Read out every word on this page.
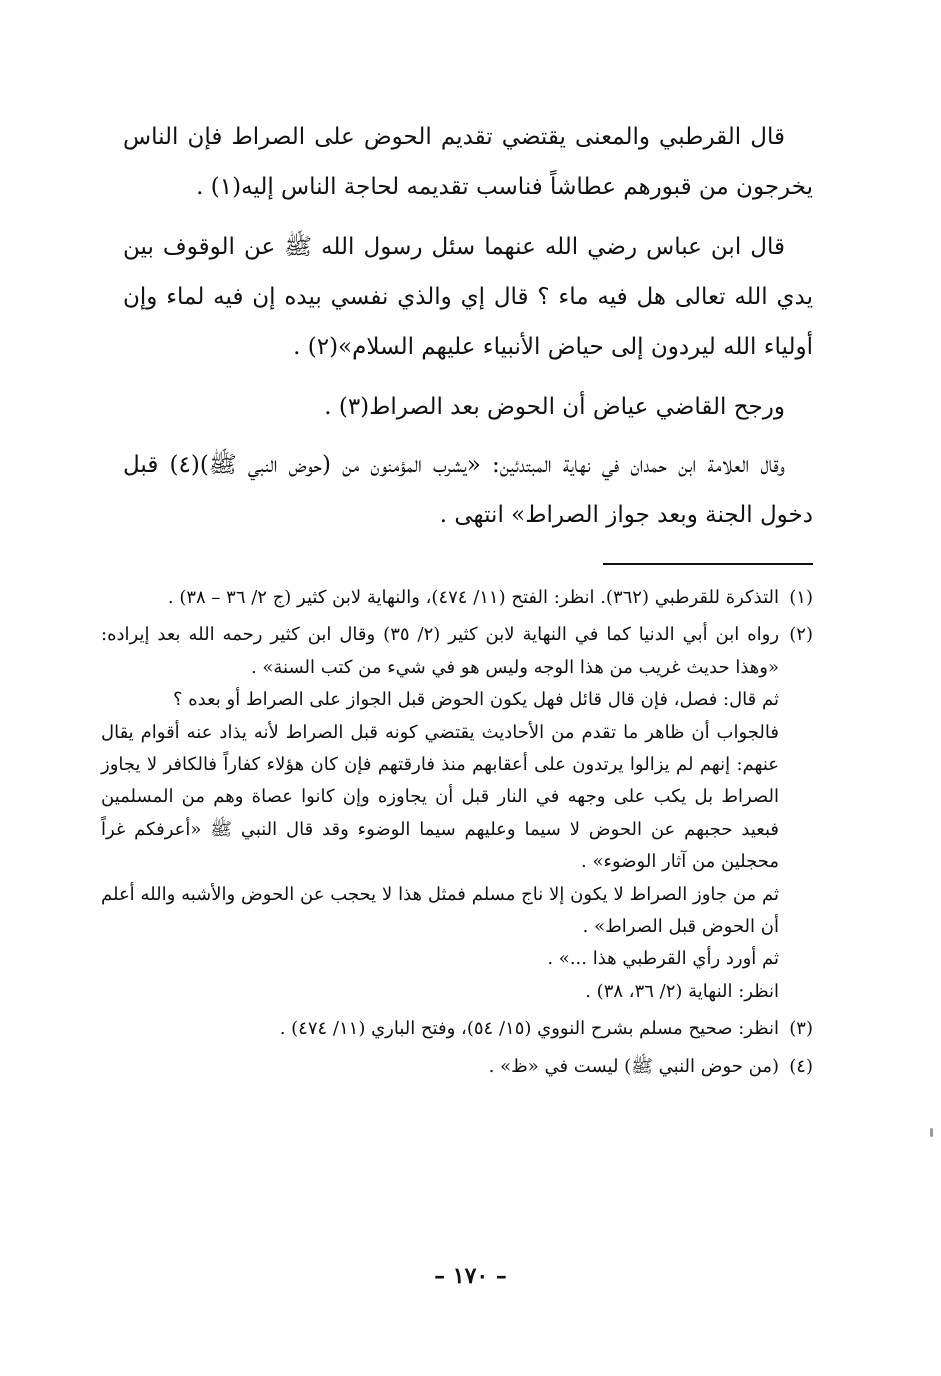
قال القرطبي والمعنى يقتضي تقديم الحوض على الصراط فإن الناس يخرجون من قبورهم عطاشاً فناسب تقديمه لحاجة الناس إليه(١) .

قال ابن عباس رضي الله عنهما سئل رسول الله ﷺ عن الوقوف بين يدي الله تعالى هل فيه ماء ؟ قال إي والذي نفسي بيده إن فيه لماء وإن أولياء الله ليردون إلى حياض الأنبياء عليهم السلام»(٢) .

ورجح القاضي عياض أن الحوض بعد الصراط(٣) .

وقال العلامة ابن حمدان في نهاية المبتدئين: «يشرب المؤمنون من (حوض النبي ﷺ)(٤) قبل دخول الجنة وبعد جواز الصراط» انتهى .

(١)

التذكرة للقرطبي (٣٦٢). انظر: الفتح (١١/ ٤٧٤)، والنهاية لابن كثير (ج ٢/ ٣٦ – ٣٨) .

(٢)

رواه ابن أبي الدنيا كما في النهاية لابن كثير (٢/ ٣٥) وقال ابن كثير رحمه الله بعد إيراده: «وهذا حديث غريب من هذا الوجه وليس هو في شيء من كتب السنة» .

ثم قال: فصل، فإن قال قائل فهل يكون الحوض قبل الجواز على الصراط أو بعده ؟

فالجواب أن ظاهر ما تقدم من الأحاديث يقتضي كونه قبل الصراط لأنه يذاد عنه أقوام يقال عنهم: إنهم لم يزالوا يرتدون على أعقابهم منذ فارقتهم فإن كان هؤلاء كفاراً فالكافر لا يجاوز الصراط بل يكب على وجهه في النار قبل أن يجاوزه وإن كانوا عصاة وهم من المسلمين فبعيد حجبهم عن الحوض لا سيما وعليهم سيما الوضوء وقد قال النبي ﷺ «أعرفكم غراً محجلين من آثار الوضوء» .

ثم من جاوز الصراط لا يكون إلا ناج مسلم فمثل هذا لا يحجب عن الحوض والأشبه والله أعلم أن الحوض قبل الصراط» .

ثم أورد رأي القرطبي هذا ...» .

انظر: النهاية (٢/ ٣٦، ٣٨) .

(٣)

انظر: صحيح مسلم بشرح النووي (١٥/ ٥٤)، وفتح الباري (١١/ ٤٧٤) .

(٤)

(من حوض النبي ﷺ) ليست في «ظ» .

– ١٧٠ –
